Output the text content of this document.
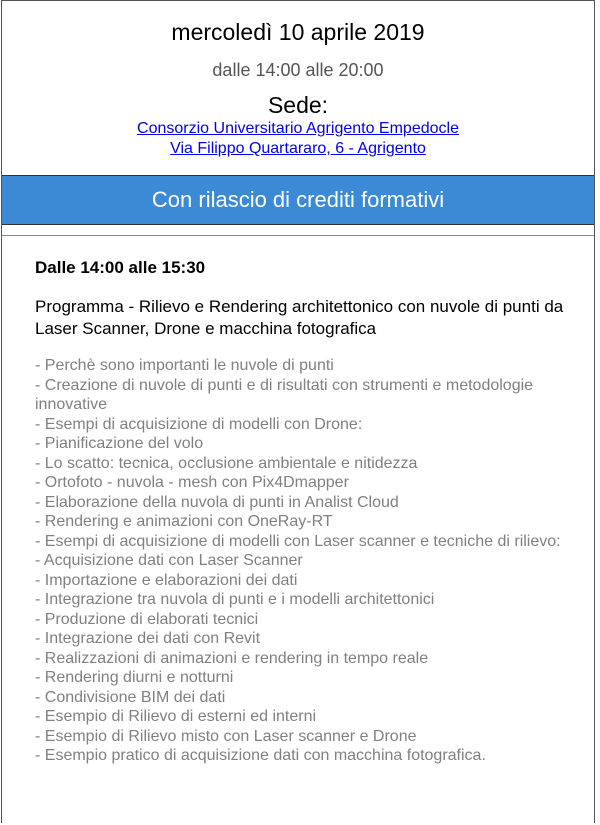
mercoledì 10 aprile 2019
dalle 14:00 alle 20:00
Sede:
Consorzio Universitario Agrigento Empedocle
Via Filippo Quartararo, 6 - Agrigento
Con rilascio di crediti formativi
Dalle 14:00 alle 15:30
Programma - Rilievo e Rendering architettonico con nuvole di punti da Laser Scanner, Drone e macchina fotografica
- Perchè sono importanti le nuvole di punti
- Creazione di nuvole di punti e di risultati con strumenti e metodologie innovative
- Esempi di acquisizione di modelli con Drone:
- Pianificazione del volo
- Lo scatto: tecnica, occlusione ambientale e nitidezza
- Ortofoto - nuvola - mesh con Pix4Dmapper
- Elaborazione della nuvola di punti in Analist Cloud
- Rendering e animazioni con OneRay-RT
- Esempi di acquisizione di modelli con Laser scanner e tecniche di rilievo:
- Acquisizione dati con Laser Scanner
- Importazione e elaborazioni dei dati
- Integrazione tra nuvola di punti e i modelli architettonici
- Produzione di elaborati tecnici
- Integrazione dei dati con Revit
- Realizzazioni di animazioni e rendering in tempo reale
- Rendering diurni e notturni
- Condivisione BIM dei dati
- Esempio di Rilievo di esterni ed interni
- Esempio di Rilievo misto con Laser scanner e Drone
- Esempio pratico di acquisizione dati con macchina fotografica.
